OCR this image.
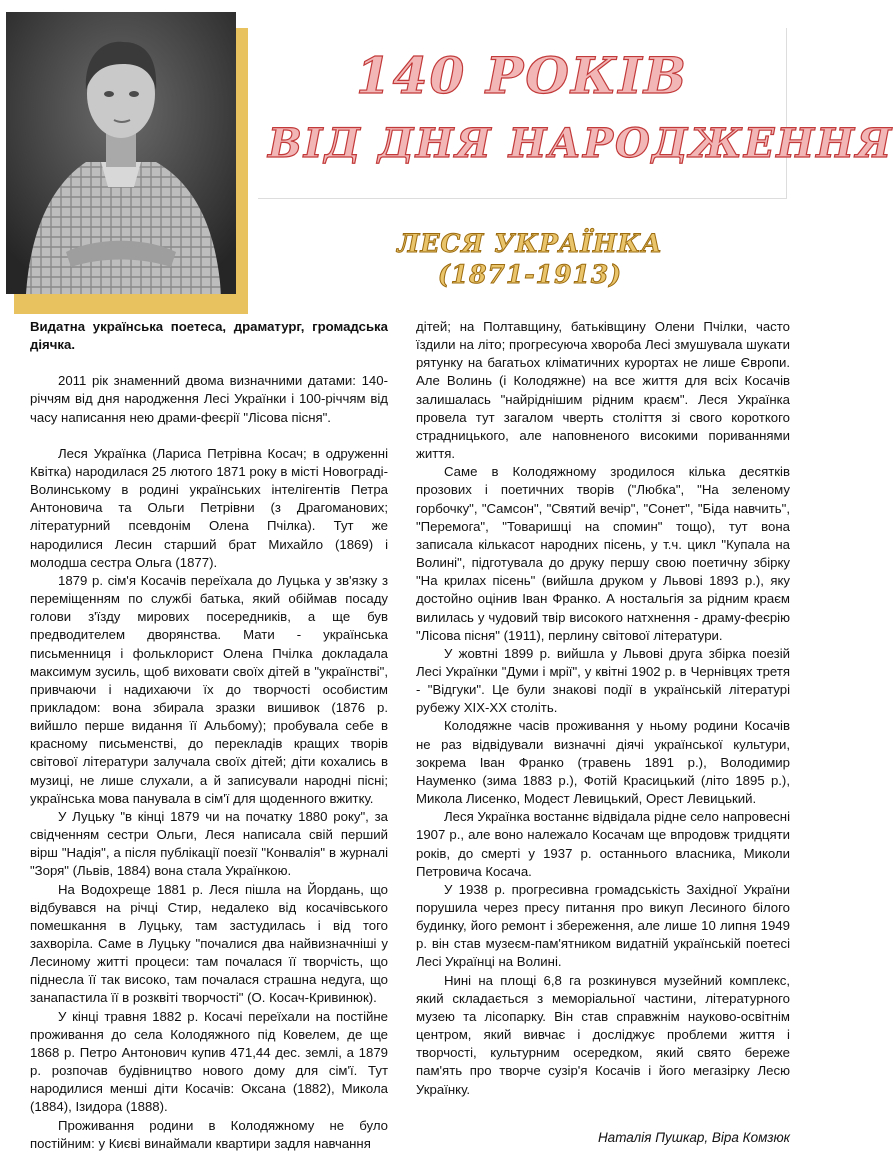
140 РОКІВ
ВІД ДНЯ НАРОДЖЕННЯ
ЛЕСЯ УКРАЇНКА
(1871-1913)

Видатна українська поетеса, драматург, громадська діячка.

2011 рік знаменний двома визначними датами: 140-річчям від дня народження Лесі Українки і 100-річчям від часу написання нею драми-феєрії "Лісова пісня".

Леся Українка (Лариса Петрівна Косач; в одруженні Квітка) народилася 25 лютого 1871 року в місті Новограді-Волинському в родині українських інтелігентів Петра Антоновича та Ольги Петрівни (з Драгоманових; літературний псевдонім Олена Пчілка). Тут же народилися Лесин старший брат Михайло (1869) і молодша сестра Ольга (1877).

1879 р. сім'я Косачів переїхала до Луцька у зв'язку з переміщенням по службі батька, який обіймав посаду голови з'їзду мирових посередників, а ще був предводителем дворянства. Мати - українська письменниця і фольклорист Олена Пчілка докладала максимум зусиль, щоб виховати своїх дітей в "українстві", привчаючи і надихаючи їх до творчості особистим прикладом: вона збирала зразки вишивок (1876 р. вийшло перше видання її Альбому); пробувала себе в красному письменстві, до перекладів кращих творів світової літератури залучала своїх дітей; діти кохались в музиці, не лише слухали, а й записували народні пісні; українська мова панувала в сім'ї для щоденного вжитку.

У Луцьку "в кінці 1879 чи на початку 1880 року", за свідченням сестри Ольги, Леся написала свій перший вірш "Надія", а після публікації поезії "Конвалія" в журналі "Зоря" (Львів, 1884) вона стала Українкою.

На Водохреще 1881 р. Леся пішла на Йордань, що відбувався на річці Стир, недалеко від косачівського помешкання в Луцьку, там застудилась і від того захворіла. Саме в Луцьку "почалися два найвизначніші у Лесиному житті процеси: там почалася її творчість, що піднесла її так високо, там почалася страшна недуга, що занапастила її в розквіті творчості" (О. Косач-Кривинюк).

У кінці травня 1882 р. Косачі переїхали на постійне проживання до села Колодяжного під Ковелем, де ще 1868 р. Петро Антонович купив 471,44 дес. землі, а 1879 р. розпочав будівництво нового дому для сім'ї. Тут народилися менші діти Косачів: Оксана (1882), Микола (1884), Ізидора (1888).

Проживання родини в Колодяжному не було постійним: у Києві винаймали квартири задля навчання

дітей; на Полтавщину, батьківщину Олени Пчілки, часто їздили на літо; прогресуюча хвороба Лесі змушувала шукати рятунку на багатьох кліматичних курортах не лише Європи. Але Волинь (і Колодяжне) на все життя для всіх Косачів залишалась "найріднішим рідним краєм". Леся Українка провела тут загалом чверть століття зі свого короткого страдницького, але наповненого високими пориваннями життя.

Саме в Колодяжному зродилося кілька десятків прозових і поетичних творів ("Любка", "На зеленому горбочку", "Самсон", "Святий вечір", "Сонет", "Біда навчить", "Перемога", "Товаришці на спомин" тощо), тут вона записала кількасот народних пісень, у т.ч. цикл "Купала на Волині", підготувала до друку першу свою поетичну збірку "На крилах пісень" (вийшла друком у Львові 1893 р.), яку достойно оцінив Іван Франко. А ностальгія за рідним краєм вилилась у чудовий твір високого натхнення - драму-феєрію "Лісова пісня" (1911), перлину світової літератури.

У жовтні 1899 р. вийшла у Львові друга збірка поезій Лесі Українки "Думи і мрії", у квітні 1902 р. в Чернівцях третя - "Відгуки". Це були знакові події в українській літературі рубежу XIX-XX століть.

Колодяжне часів проживання у ньому родини Косачів не раз відвідували визначні діячі української культури, зокрема Іван Франко (травень 1891 р.), Володимир Науменко (зима 1883 р.), Фотій Красицький (літо 1895 р.), Микола Лисенко, Модест Левицький, Орест Левицький.

Леся Українка востаннє відвідала рідне село напровесні 1907 р., але воно належало Косачам ще впродовж тридцяти років, до смерті у 1937 р. останнього власника, Миколи Петровича Косача.

У 1938 р. прогресивна громадськість Західної України порушила через пресу питання про викуп Лесиного білого будинку, його ремонт і збереження, але лише 10 липня 1949 р. він став музеєм-пам'ятником видатній українській поетесі Лесі Українці на Волині.

Нині на площі 6,8 га розкинувся музейний комплекс, який складається з меморіальної частини, літературного музею та лісопарку. Він став справжнім науково-освітнім центром, який вивчає і досліджує проблеми життя і творчості, культурним осередком, який свято береже пам'ять про творче сузір'я Косачів і його мегазірку Лесю Українку.

Наталія Пушкар, Віра Комзюк
